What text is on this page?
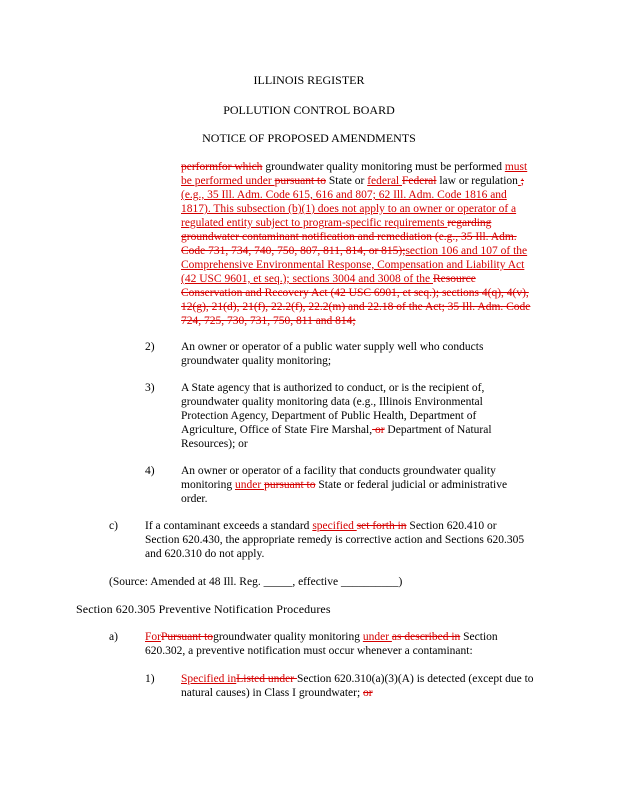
ILLINOIS REGISTER
POLLUTION CONTROL BOARD
NOTICE OF PROPOSED AMENDMENTS
performfor which groundwater quality monitoring must be performed must be performed under pursuant to State or federal Federal law or regulation ; (e.g., 35 Ill. Adm. Code 615, 616 and 807; 62 Ill. Adm. Code 1816 and 1817). This subsection (b)(1) does not apply to an owner or operator of a regulated entity subject to program-specific requirements regarding groundwater contaminant notification and remediation (e.g., 35 Ill. Adm. Code 731, 734, 740, 750, 807, 811, 814, or 815);section 106 and 107 of the Comprehensive Environmental Response, Compensation and Liability Act (42 USC 9601, et seq.); sections 3004 and 3008 of the Resource Conservation and Recovery Act (42 USC 6901, et seq.); sections 4(q), 4(v), 12(g), 21(d), 21(f), 22.2(f), 22.2(m) and 22.18 of the Act; 35 Ill. Adm. Code 724, 725, 730, 731, 750, 811 and 814;
2) An owner or operator of a public water supply well who conducts groundwater quality monitoring;
3) A State agency that is authorized to conduct, or is the recipient of, groundwater quality monitoring data (e.g., Illinois Environmental Protection Agency, Department of Public Health, Department of Agriculture, Office of State Fire Marshal, or Department of Natural Resources); or
4) An owner or operator of a facility that conducts groundwater quality monitoring under pursuant to State or federal judicial or administrative order.
c) If a contaminant exceeds a standard specified set forth in Section 620.410 or Section 620.430, the appropriate remedy is corrective action and Sections 620.305 and 620.310 do not apply.
(Source: Amended at 48 Ill. Reg. _____, effective __________)
Section 620.305 Preventive Notification Procedures
a) ForPursuant togroundwater quality monitoring under as described in Section 620.302, a preventive notification must occur whenever a contaminant:
1) Specified inListed under Section 620.310(a)(3)(A) is detected (except due to natural causes) in Class I groundwater; or
